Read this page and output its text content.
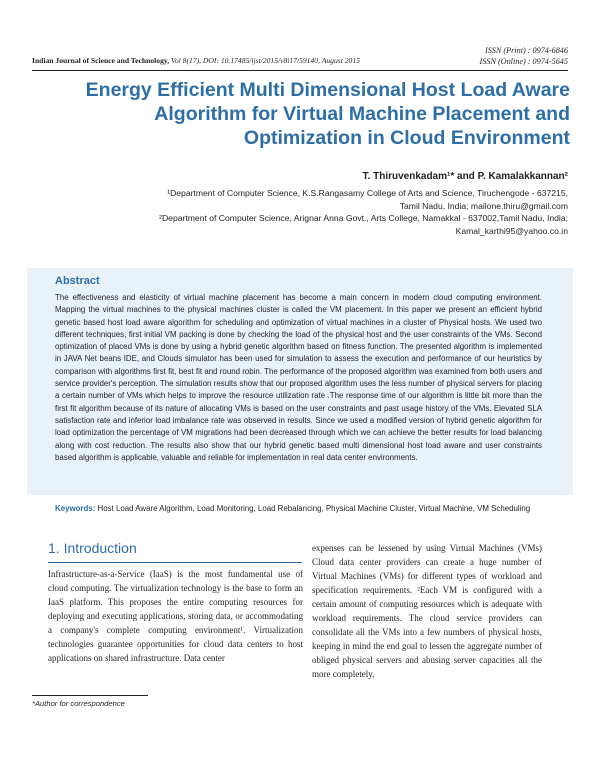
ISSN (Print) : 0974-6846
ISSN (Online) : 0974-5645
Indian Journal of Science and Technology, Vol 8(17), DOI: 10.17485/ijst/2015/v8i17/59140, August 2015
Energy Efficient Multi Dimensional Host Load Aware
Algorithm for Virtual Machine Placement and
Optimization in Cloud Environment
T. Thiruvenkadam¹* and P. Kamalakkannan²
¹Department of Computer Science, K.S.Rangasamy College of Arts and Science, Tiruchengode - 637215,
Tamil Nadu, India; mailone.thiru@gmail.com
²Department of Computer Science, Arignar Anna Govt., Arts College, Namakkal - 637002,Tamil Nadu, India;
Kamal_karthi95@yahoo.co.in
Abstract

The effectiveness and elasticity of virtual machine placement has become a main concern in modern cloud computing environment. Mapping the virtual machines to the physical machines cluster is called the VM placement. In this paper we present an efficient hybrid genetic based host load aware algorithm for scheduling and optimization of virtual machines in a cluster of Physical hosts. We used two different techniques, first initial VM packing is done by checking the load of the physical host and the user constraints of the VMs. Second optimization of placed VMs is done by using a hybrid genetic algorithm based on fitness function. The presented algorithm is implemented in JAVA Net beans IDE, and Clouds simulator has been used for simulation to assess the execution and performance of our heuristics by comparison with algorithms first fit, best fit and round robin. The performance of the proposed algorithm was examined from both users and service provider's perception. The simulation results show that our proposed algorithm uses the less number of physical servers for placing a certain number of VMs which helps to improve the resource utilization rate .The response time of our algorithm is little bit more than the first fit algorithm because of its nature of allocating VMs is based on the user constraints and past usage history of the VMs. Elevated SLA satisfaction rate and inferior load imbalance rate was observed in results. Since we used a modified version of hybrid genetic algorithm for load optimization the percentage of VM migrations had been decreased through which we can achieve the better results for load balancing along with cost reduction. The results also show that our hybrid genetic based multi dimensional host load aware and user constraints based algorithm is applicable, valuable and reliable for implementation in real data center environments.

Keywords: Host Load Aware Algorithm, Load Monitoring, Load Rebalancing, Physical Machine Cluster, Virtual Machine, VM Scheduling
1. Introduction

Infrastructure-as-a-Service (IaaS) is the most fundamental use of cloud computing. The virtualization technology is the base to form an IaaS platform. This proposes the entire computing resources for deploying and executing applications, storing data, or accommodating a company's complete computing environment¹. Virtualization technologies guarantee opportunities for cloud data centers to host applications on shared infrastructure. Data center

expenses can be lessened by using Virtual Machines (VMs) Cloud data center providers can create a huge number of Virtual Machines (VMs) for different types of workload and specification requirements. ²Each VM is configured with a certain amount of computing resources which is adequate with workload requirements. The cloud service providers can consolidate all the VMs into a few numbers of physical hosts, keeping in mind the end goal to lessen the aggregate number of obliged physical servers and abusing server capacities all the more completely,

*Author for correspondence
